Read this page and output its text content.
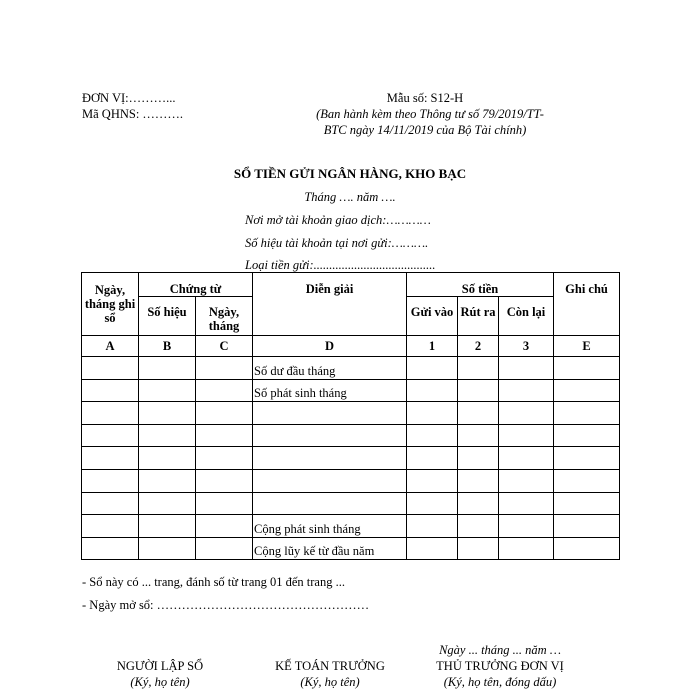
ĐƠN VỊ:………...
Mã QHNS: ……….
Mẫu số: S12-H
(Ban hành kèm theo Thông tư số 79/2019/TT-
BTC ngày 14/11/2019 của Bộ Tài chính)
SỔ TIỀN GỬI NGÂN HÀNG, KHO BẠC
Tháng …. năm ….
Nơi mở tài khoản giao dịch:…………
Số hiệu tài khoản tại nơi gửi:……….
Loại tiền gửi:.......................................
Ngày, tháng ghi sổ	Chứng từ		Diễn giải	Số tiền			Ghi chú
	Số hiệu	Ngày, tháng		Gửi vào	Rút ra	Còn lại	
A	B	C	D	1	2	3	E
			Số dư đầu tháng				
			Số phát sinh tháng				

			Cộng phát sinh tháng				
			Cộng lũy kế từ đầu năm				
- Sổ này có ... trang, đánh số từ trang 01 đến trang ...
- Ngày mở sổ: ……………………………………………
Ngày ... tháng ... năm …
NGƯỜI LẬP SỔ
(Ký, họ tên)
KẾ TOÁN TRƯỞNG
(Ký, họ tên)
THỦ TRƯỞNG ĐƠN VỊ
(Ký, họ tên, đóng dấu)
